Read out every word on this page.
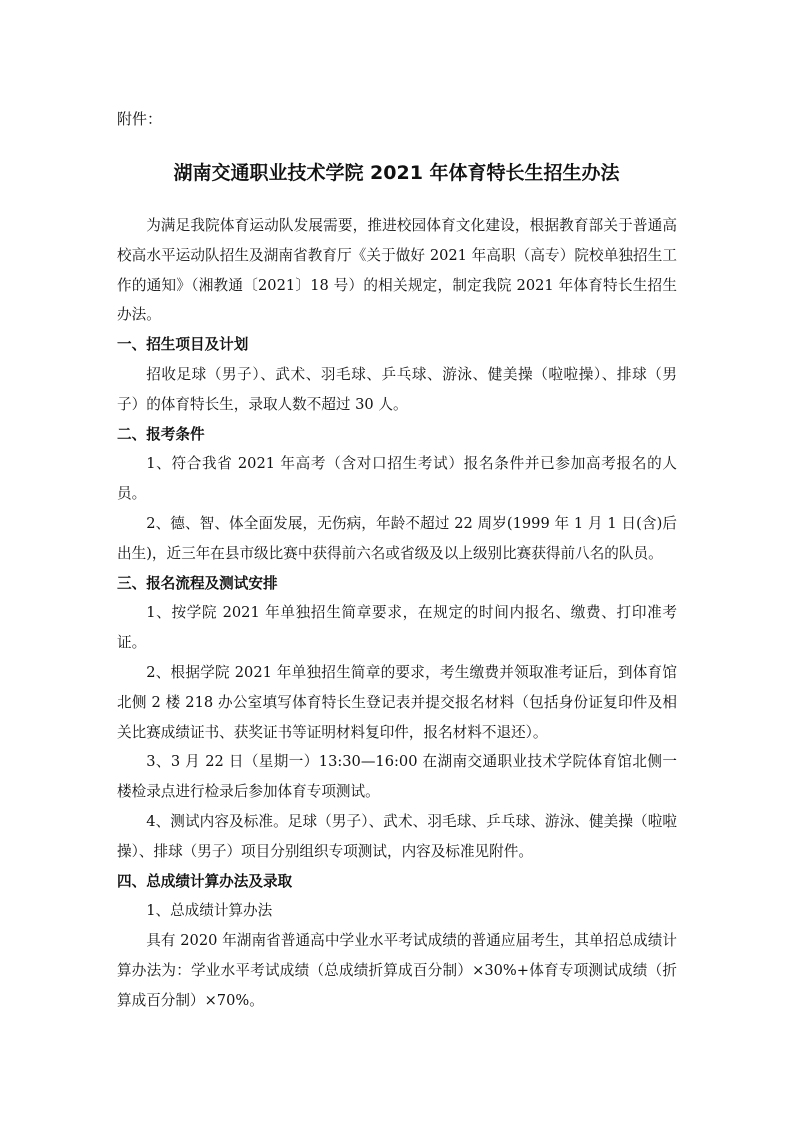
附件：
湖南交通职业技术学院 2021 年体育特长生招生办法

为满足我院体育运动队发展需要，推进校园体育文化建设，根据教育部关于普通高校高水平运动队招生及湖南省教育厅《关于做好 2021 年高职（高专）院校单独招生工作的通知》（湘教通〔2021〕18 号）的相关规定，制定我院 2021 年体育特长生招生办法。

一、招生项目及计划

招收足球（男子）、武术、羽毛球、乒乓球、游泳、健美操（啦啦操）、排球（男子）的体育特长生，录取人数不超过 30 人。

二、报考条件

1、符合我省 2021 年高考（含对口招生考试）报名条件并已参加高考报名的人员。

2、德、智、体全面发展，无伤病，年龄不超过 22 周岁(1999 年 1 月 1 日(含)后出生)，近三年在县市级比赛中获得前六名或省级及以上级别比赛获得前八名的队员。

三、报名流程及测试安排

1、按学院 2021 年单独招生简章要求，在规定的时间内报名、缴费、打印准考证。

2、根据学院 2021 年单独招生简章的要求，考生缴费并领取准考证后，到体育馆北侧 2 楼 218 办公室填写体育特长生登记表并提交报名材料（包括身份证复印件及相关比赛成绩证书、获奖证书等证明材料复印件，报名材料不退还）。

3、3 月 22 日（星期一）13:30—16:00 在湖南交通职业技术学院体育馆北侧一楼检录点进行检录后参加体育专项测试。

4、测试内容及标准。足球（男子）、武术、羽毛球、乒乓球、游泳、健美操（啦啦操）、排球（男子）项目分别组织专项测试，内容及标准见附件。

四、总成绩计算办法及录取

1、总成绩计算办法

具有 2020 年湖南省普通高中学业水平考试成绩的普通应届考生，其单招总成绩计算办法为：学业水平考试成绩（总成绩折算成百分制）×30%+体育专项测试成绩（折算成百分制）×70%。
